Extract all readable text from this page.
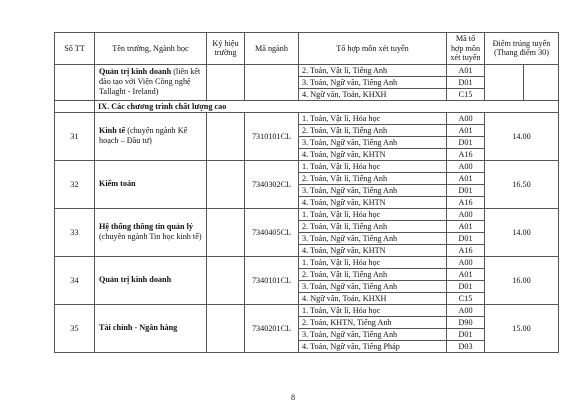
Số TT	Tên trường, Ngành học	Ký hiệu trường	Mã ngành	Tổ hợp môn xét tuyển	Mã tổ hợp môn xét tuyển	Điểm trúng tuyển (Thang điểm 30)	
	Quản trị kinh doanh (liên kết đào tạo với Viện Công nghệ Tallaght - Ireland)			2. Toán, Vật lí, Tiếng Anh	A01		
				3. Toán, Ngữ văn, Tiếng Anh	D01		
				4. Ngữ văn, Toán, KHXH	C15		
	IX. Các chương trình chất lượng cao						
31	Kinh tế (chuyên ngành Kế hoạch – Đầu tư)		7310101CL	1. Toán, Vật lí, Hóa học	A00	14.00	
				2. Toán, Vật lí, Tiếng Anh	A01		
				3. Toán, Ngữ văn, Tiếng Anh	D01		
				4. Toán, Ngữ văn, KHTN	A16		
32	Kiểm toán		7340302CL	1. Toán, Vật lí, Hóa học	A00	16.50	
				2. Toán, Vật lí, Tiếng Anh	A01		
				3. Toán, Ngữ văn, Tiếng Anh	D01		
				4. Toán, Ngữ văn, KHTN	A16		
33	Hệ thống thông tin quản lý (chuyên ngành Tin học kinh tế)		7340405CL	1. Toán, Vật lí, Hóa học	A00	14.00	
				2. Toán, Vật lí, Tiếng Anh	A01		
				3. Toán, Ngữ văn, Tiếng Anh	D01		
				4. Toán, Ngữ văn, KHTN	A16		
34	Quản trị kinh doanh		7340101CL	1. Toán, Vật lí, Hóa học	A00	16.00	
				2. Toán, Vật lí, Tiếng Anh	A01		
				3. Toán, Ngữ văn, Tiếng Anh	D01		
				4. Ngữ văn, Toán, KHXH	C15		
35	Tài chính - Ngân hàng		7340201CL	1. Toán, Vật lí, Hóa học	A00	15.00	
				2. Toán, KHTN, Tiếng Anh	D90		
				3. Toán, Ngữ văn, Tiếng Anh	D01		
				4. Toán, Ngữ văn, Tiếng Pháp	D03		
8
